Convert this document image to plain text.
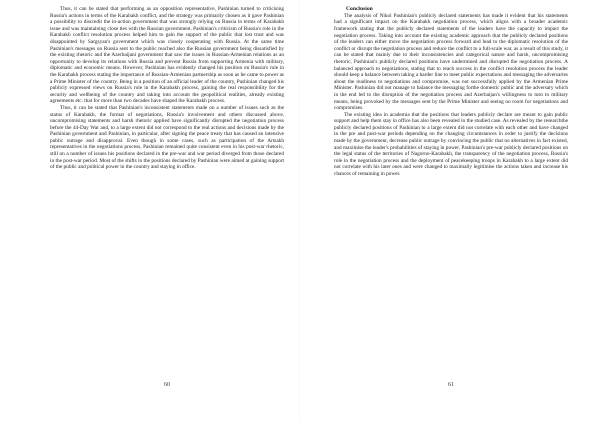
Thus, it can be stated that performing as an opposition representative, Pashinian turned to criticising Russia's actions in terms of the Karabakh conflict, and the strategy was primarily chosen as it gave Pashinian a possibility to discredit the in-action government that was strongly relying on Russia in terms of Karabakh issue and was maintaining close ties with the Russian government. Pashinian's criticism of Russia's role in the Karabakh conflict resolution process helped him to gain the support of the public that lost trust and was disappointed by Sargsyan's government which was closely cooperating with Russia. At the same time Pashinian's messages on Russia sent to the public reached also the Russian government being dissatisfied by the existing rhetoric and the Azerbaijani government that saw the issues in Russian-Armenian relations as an opportunity to develop its relations with Russia and prevent Russia from supporting Armenia with military, diplomatic and economic means. However, Pashinian has evidently changed his position on Russia's role in the Karabakh process stating the importance of Russian-Armenian partnership as soon as he came to power as a Prime Minister of the country. Being in a position of an official leader of the country, Pashinian changed his publicly expressed views on Russia's role in the Karabakh process, gaining the real responsibility for the security and wellbeing of the country and taking into account the geopolitical realities, already existing agreements etc. that for more than two decades have shaped the Karabakh process.

Thus, it can be stated that Pashinian's inconsistent statements made on a number of issues such as the status of Karabakh, the format of negotiations, Russia's involvement and others discussed above, uncompromising statements and harsh rhetoric applied have significantly disrupted the negotiation process before the 44-Day War and, to a large extent did not correspond to the real actions and decisions made by the Pashinian government and Pashinian, in particular, after signing the peace treaty that has caused an intensive public outrage and disapproval. Even though in some cases, such as participation of the Artsakh representatives in the negotiations process, Pashinian remained quite consistent even in his post-war rhetoric, still on a number of issues his positions declared in the pre-war and war period diverged from those declared in the post-war period. Most of the shifts in the positions declared by Pashinian were aimed at gaining support of the public and political power in the country and staying in office.

60
Conclusion

The analysis of Nikol Pashinian's publicly declared statements has made it evident that his statements had a significant impact on the Karabakh negotiation process, which aligns with a broader academic framework stating that the publicly declared statements of the leaders have the capacity to impact the negotiation process. Taking into account the existing academic approach that the publicly declared positions of the leaders can either move the negotiation process forward and lead to the diplomatic resolution of the conflict or disrupt the negotiation process and reduce the conflict to a full-scale war, as a result of this study, it can be stated that mainly due to their inconsistencies and categorical nature and harsh, uncompromising rhetoric, Pashinian's publicly declared positions have undermined and disrupted the negotiation process. A balanced approach to negotiations, stating that to reach success in the conflict resolution process the leader should keep a balance between taking a harder line to meet public expectations and messaging the adversaries about the readiness to negotiations and compromise, was not successfully applied by the Armenian Prime Minister. Pashinian did not manage to balance the messaging forthe domestic public and the adversary which in the end led to the disruption of the negotiation process and Azerbaijan's willingness to turn to military means, being provoked by the messages sent by the Prime Minister and seeing no room for negotiations and compromises.

The existing idea in academia that the positions that leaders publicly declare are meant to gain public support and help them stay in office has also been revealed in the studied case. As revealed by the researchthe publicly declared positions of Pashinian to a large extent did not correlate with each other and have changed in the pre and post-war periods depending on the changing circumstances in order to justify the decisions made by the government, decrease public outrage by convincing the public that no alternatives in fact existed, and maximise the leader's probabilities of staying in power. Pashinian's pre-war publicly declared positions on the legal status of the territories of Nagorno-Karabakh, the transparency of the negotiation process, Russia's role in the negotiation process and the deployment of peacekeeping troops in Karabakh to a large extent did not correlate with his later ones and were changed to maximally legitimise the actions taken and increase his chances of remaining in power.

61
